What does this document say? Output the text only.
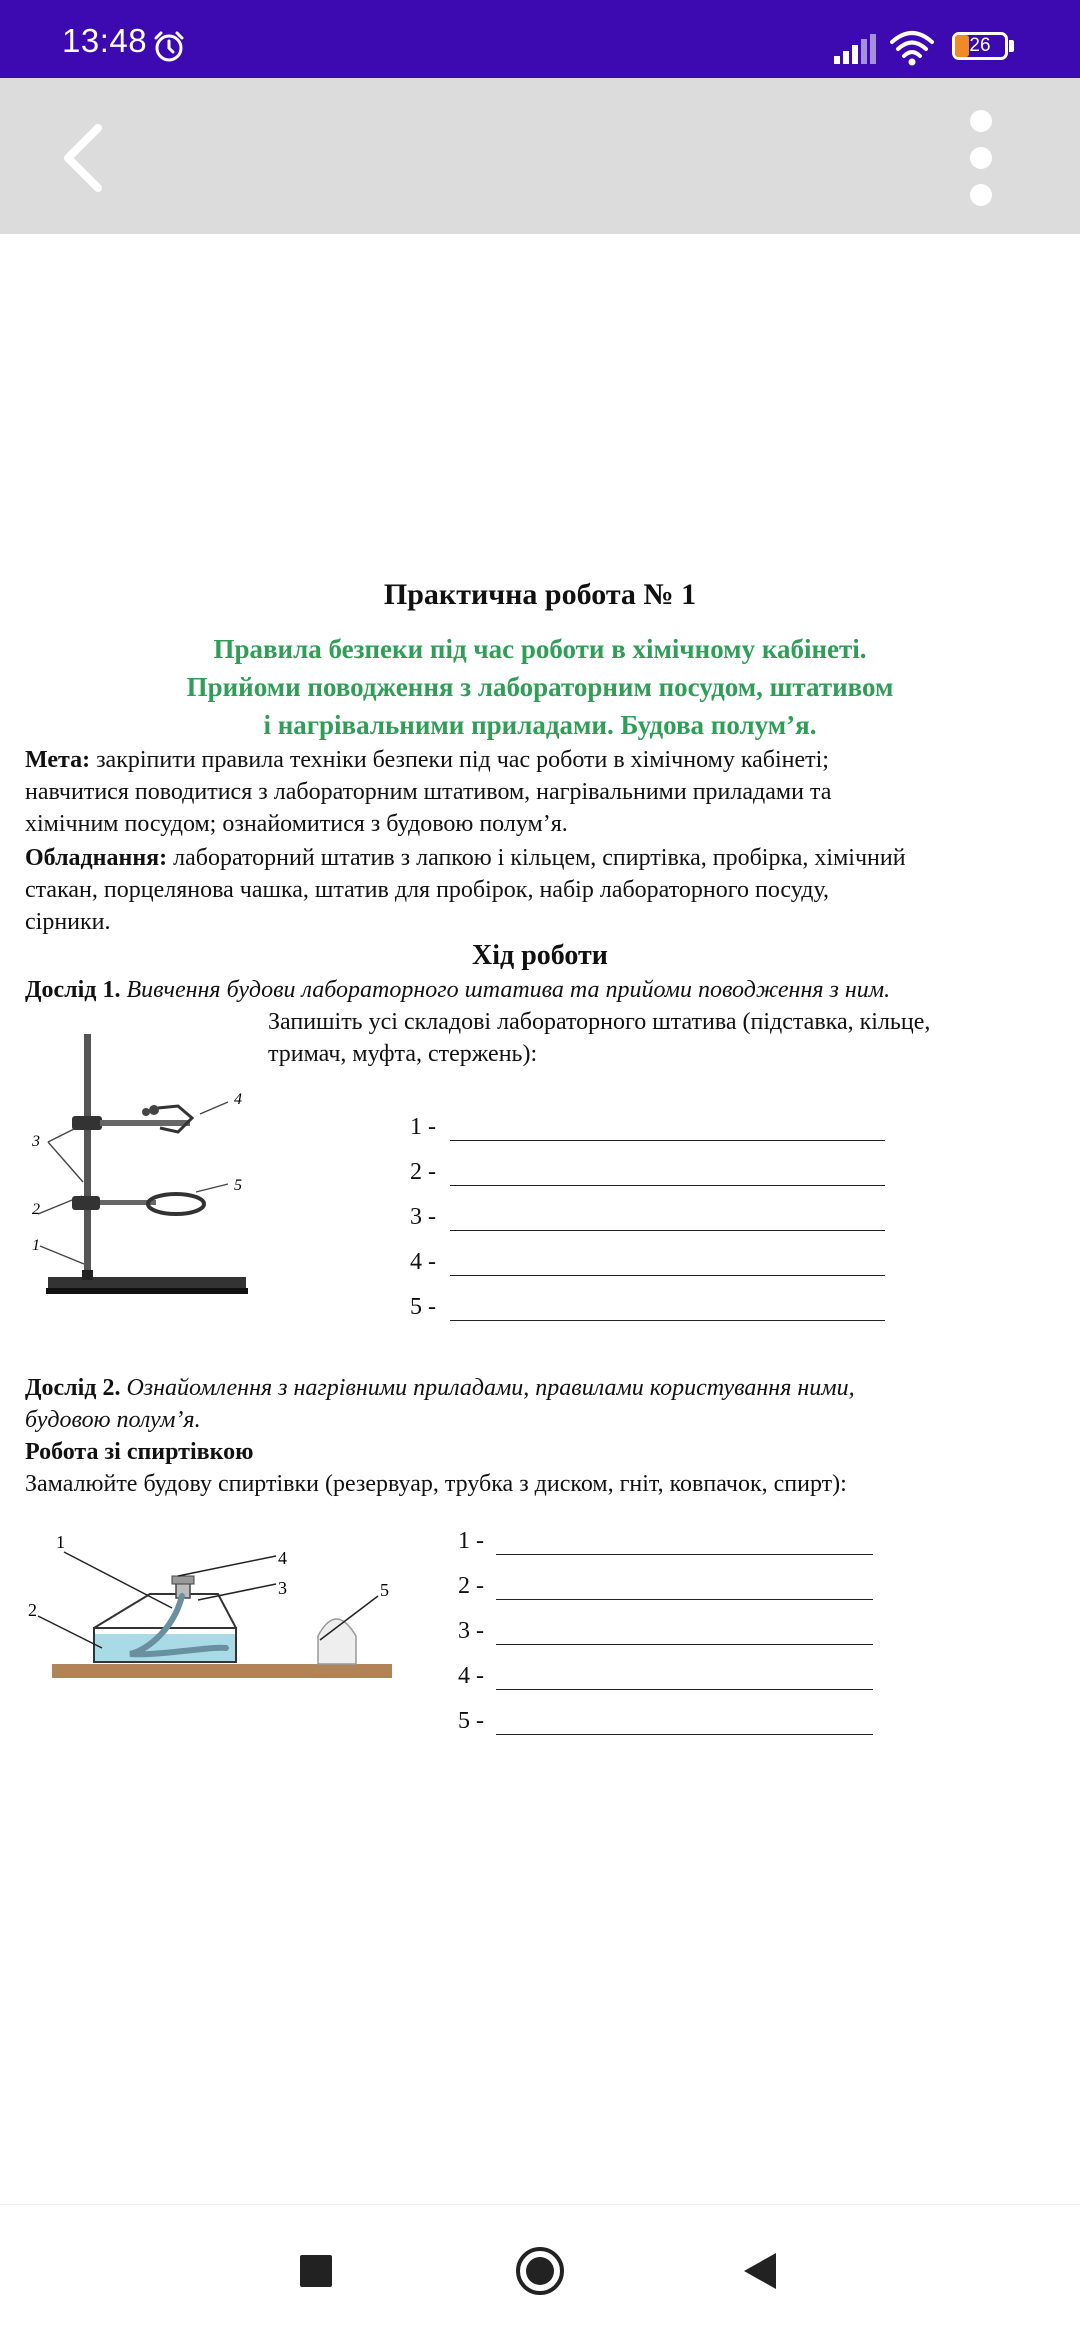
13:48	26
Практична робота № 1
Правила безпеки під час роботи в хімічному кабінеті.
Прийоми поводження з лабораторним посудом, штативом
і нагрівальними приладами. Будова полум’я.
Мета: закріпити правила техніки безпеки під час роботи в хімічному кабінеті;
навчитися поводитися з лабораторним штативом, нагрівальними приладами та
хімічним посудом; ознайомитися з будовою полум’я.
Обладнання: лабораторний штатив з лапкою і кільцем, спиртівка, пробірка, хімічний
стакан, порцелянова чашка, штатив для пробірок, набір лабораторного посуду,
сірники.
Хід роботи
Дослід 1. Вивчення будови лабораторного штатива та прийоми поводження з ним.
Запишіть усі складові лабораторного штатива (підставка, кільце,
тримач, муфта, стержень):
4
5
3
2
1
1 -
2 -
3 -
4 -
5 -
Дослід 2. Ознайомлення з нагрівними приладами, правилами користування ними,
будовою полум’я.
Робота зі спиртівкою
Замалюйте будову спиртівки (резервуар, трубка з диском, гніт, ковпачок, спирт):
1
2
3
4
5
1 -
2 -
3 -
4 -
5 -
